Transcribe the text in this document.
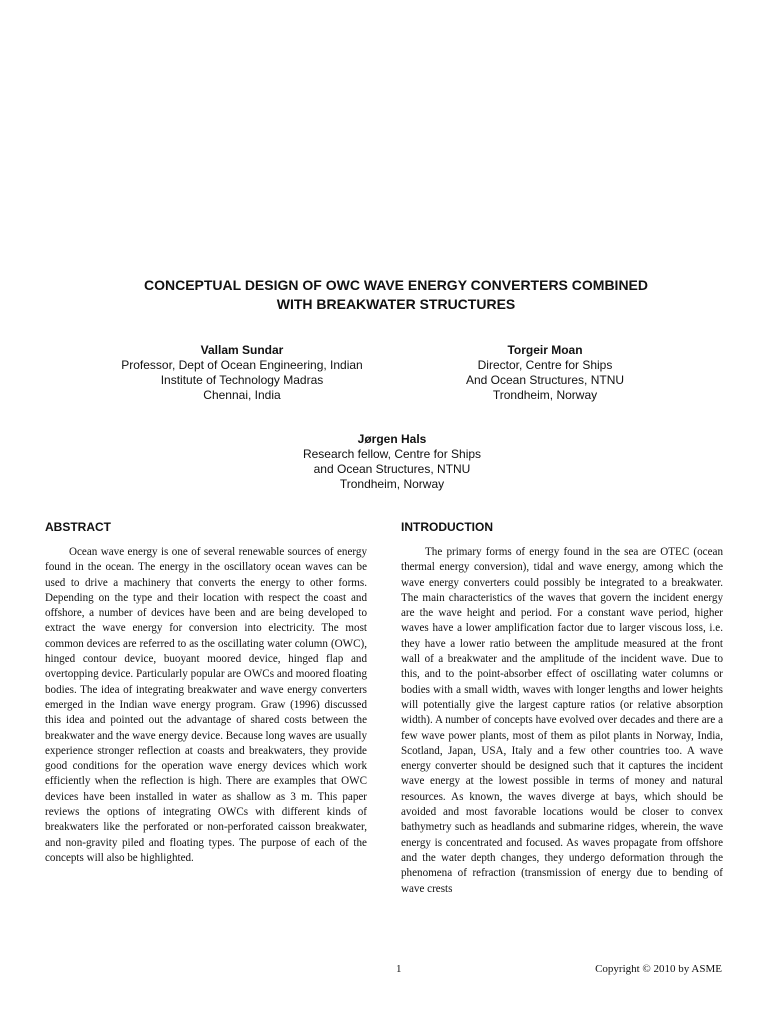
CONCEPTUAL DESIGN OF OWC WAVE ENERGY CONVERTERS COMBINED
WITH BREAKWATER STRUCTURES
Vallam Sundar
Professor, Dept of Ocean Engineering, Indian
Institute of Technology Madras
Chennai, India
Torgeir Moan
Director, Centre for Ships
And Ocean Structures, NTNU
Trondheim, Norway
Jørgen Hals
Research fellow, Centre for Ships
and Ocean Structures, NTNU
Trondheim, Norway
ABSTRACT

Ocean wave energy is one of several renewable sources of energy found in the ocean. The energy in the oscillatory ocean waves can be used to drive a machinery that converts the energy to other forms. Depending on the type and their location with respect the coast and offshore, a number of devices have been and are being developed to extract the wave energy for conversion into electricity. The most common devices are referred to as the oscillating water column (OWC), hinged contour device, buoyant moored device, hinged flap and overtopping device. Particularly popular are OWCs and moored floating bodies. The idea of integrating breakwater and wave energy converters emerged in the Indian wave energy program. Graw (1996) discussed this idea and pointed out the advantage of shared costs between the breakwater and the wave energy device. Because long waves are usually experience stronger reflection at coasts and breakwaters, they provide good conditions for the operation wave energy devices which work efficiently when the reflection is high. There are examples that OWC devices have been installed in water as shallow as 3 m. This paper reviews the options of integrating OWCs with different kinds of breakwaters like the perforated or non-perforated caisson breakwater, and non-gravity piled and floating types. The purpose of each of the concepts will also be highlighted.

INTRODUCTION

The primary forms of energy found in the sea are OTEC (ocean thermal energy conversion), tidal and wave energy, among which the wave energy converters could possibly be integrated to a breakwater. The main characteristics of the waves that govern the incident energy are the wave height and period. For a constant wave period, higher waves have a lower amplification factor due to larger viscous loss, i.e. they have a lower ratio between the amplitude measured at the front wall of a breakwater and the amplitude of the incident wave. Due to this, and to the point-absorber effect of oscillating water columns or bodies with a small width, waves with longer lengths and lower heights will potentially give the largest capture ratios (or relative absorption width). A number of concepts have evolved over decades and there are a few wave power plants, most of them as pilot plants in Norway, India, Scotland, Japan, USA, Italy and a few other countries too. A wave energy converter should be designed such that it captures the incident wave energy at the lowest possible in terms of money and natural resources. As known, the waves diverge at bays, which should be avoided and most favorable locations would be closer to convex bathymetry such as headlands and submarine ridges, wherein, the wave energy is concentrated and focused. As waves propagate from offshore and the water depth changes, they undergo deformation through the phenomena of refraction (transmission of energy due to bending of wave crests

1	Copyright © 2010 by ASME
